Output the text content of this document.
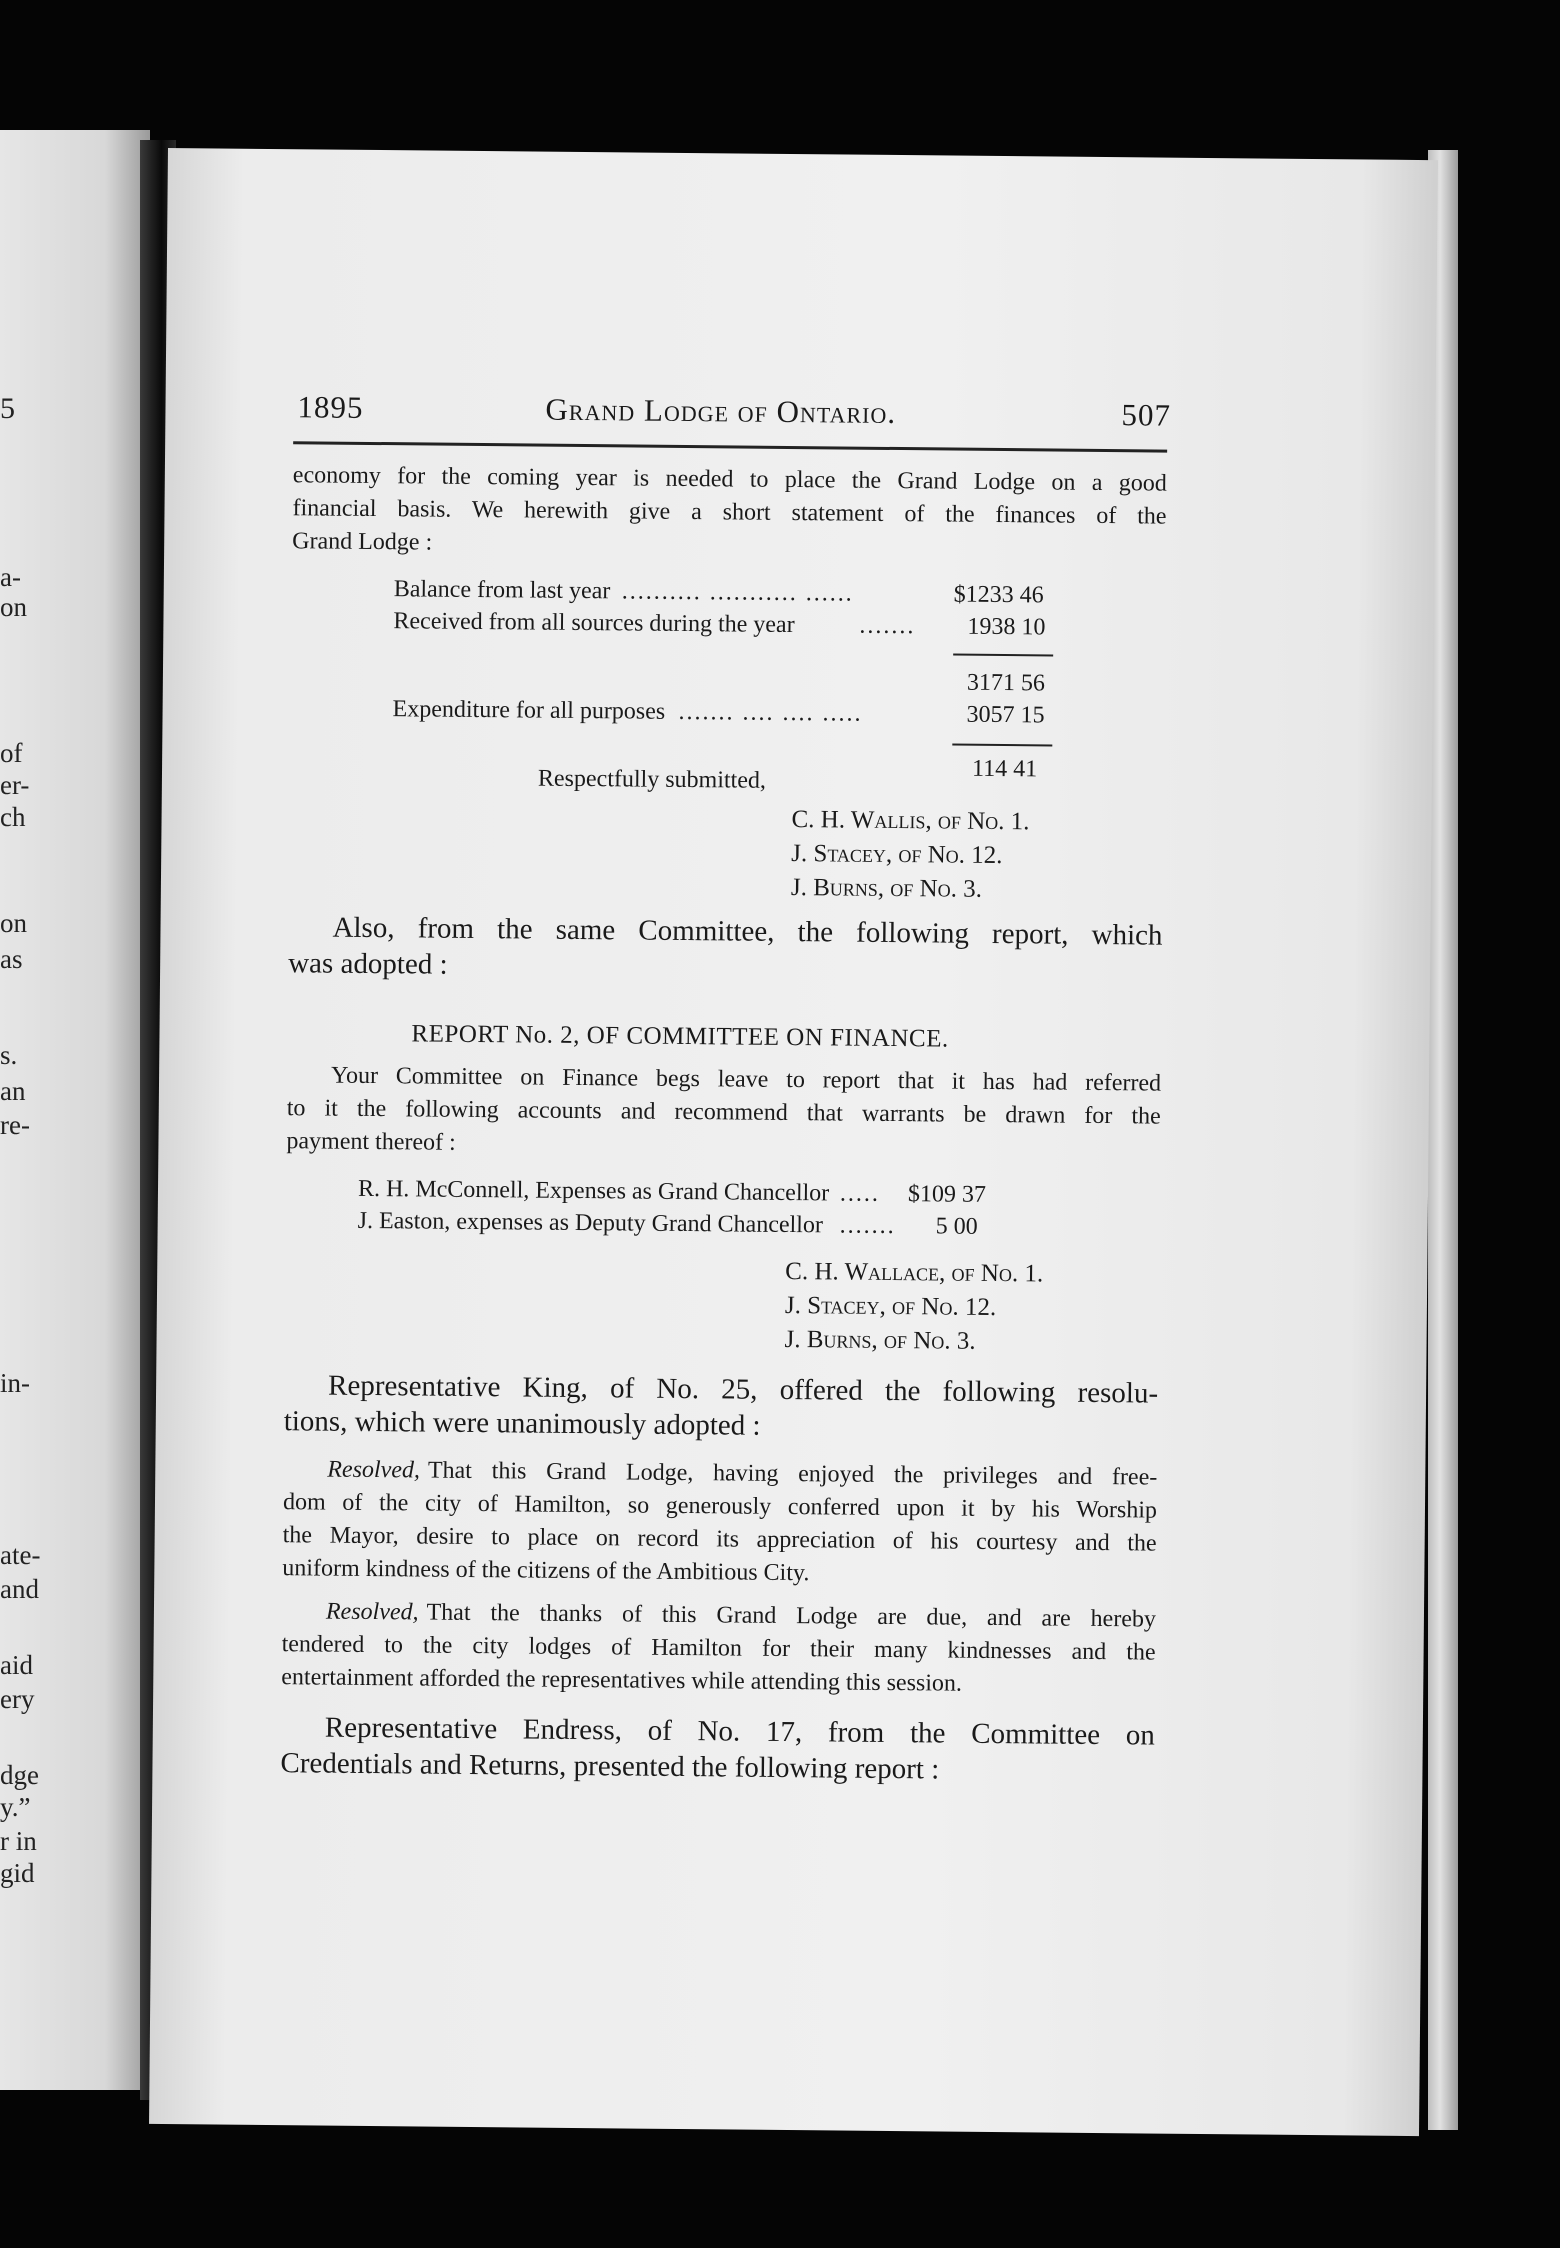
5
a-
on
of
er-
ch
on
as
s.
an
re-
in-
ate-
and
aid
ery
dge
y.”
r in
gid
1895	Grand Lodge of Ontario.	507
economy for the coming year is needed to place the Grand Lodge on a good
financial basis. We herewith give a short statement of the finances of the
Grand Lodge :
Balance from last year .......... ........... ......	$1233 46
Received from all sources during the year	....... 1938 10
3171 56
Expenditure for all purposes ....... .... .... .....	3057 15
114 41
Respectfully submitted,
C. H. Wallis, of No. 1.
J. Stacey, of No. 12.
J. Burns, of No. 3.
Also, from the same Committee, the following report, which
was adopted :
REPORT No. 2, OF COMMITTEE ON FINANCE.
Your Committee on Finance begs leave to report that it has had referred
to it the following accounts and recommend that warrants be drawn for the
payment thereof :
R. H. McConnell, Expenses as Grand Chancellor ..... $109 37
J. Easton, expenses as Deputy Grand Chancellor ....... 5 00
C. H. Wallace, of No. 1.
J. Stacey, of No. 12.
J. Burns, of No. 3.
Representative King, of No. 25, offered the following resolu-
tions, which were unanimously adopted :
Resolved, That this Grand Lodge, having enjoyed the privileges and free-
dom of the city of Hamilton, so generously conferred upon it by his Worship
the Mayor, desire to place on record its appreciation of his courtesy and the
uniform kindness of the citizens of the Ambitious City.
Resolved, That the thanks of this Grand Lodge are due, and are hereby
tendered to the city lodges of Hamilton for their many kindnesses and the
entertainment afforded the representatives while attending this session.
Representative Endress, of No. 17, from the Committee on
Credentials and Returns, presented the following report :
